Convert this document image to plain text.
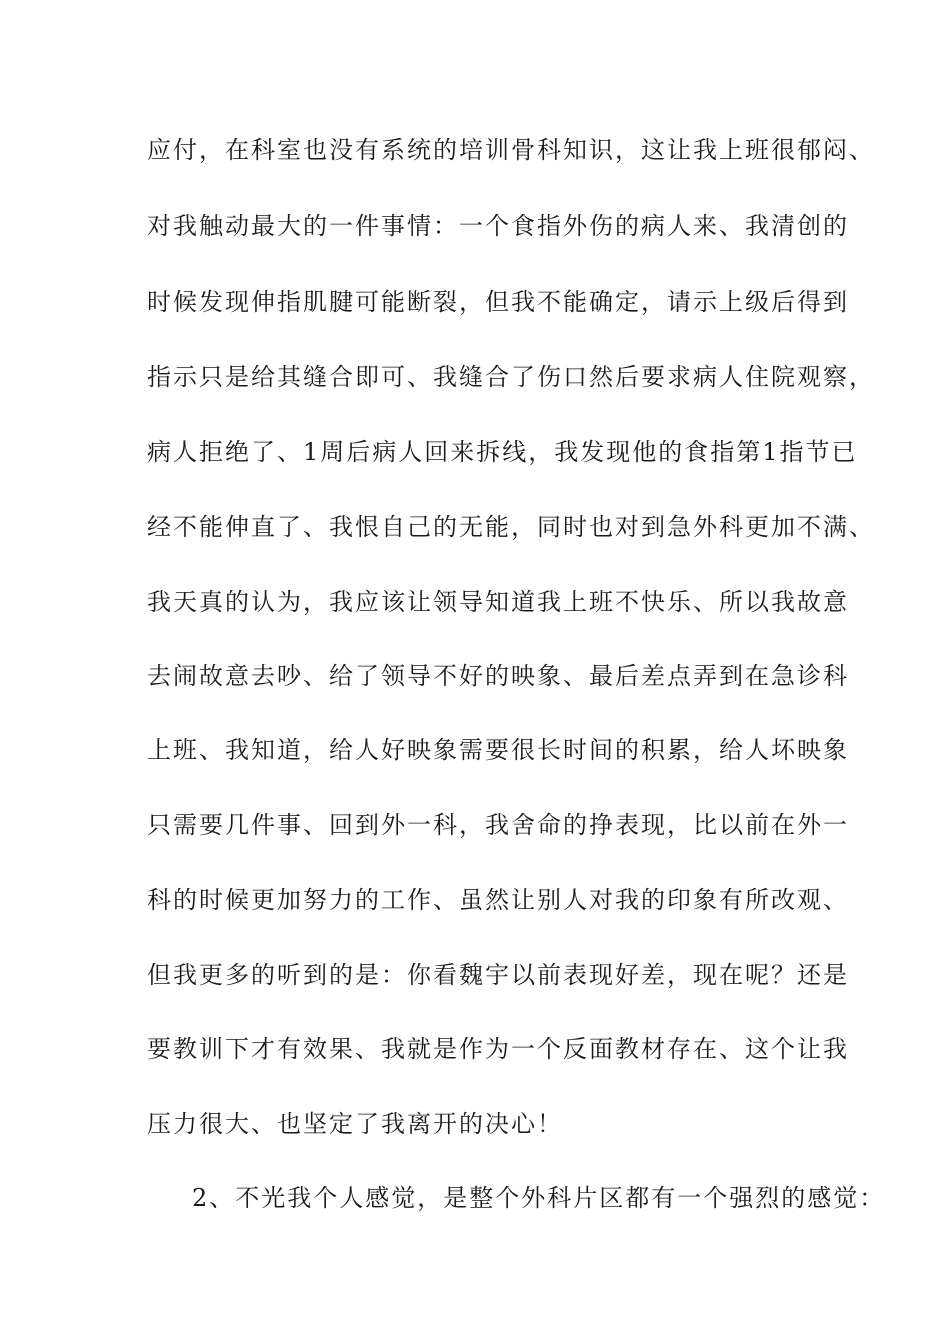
应付，在科室也没有系统的培训骨科知识，这让我上班很郁闷、
对我触动最大的一件事情：一个食指外伤的病人来、我清创的
时候发现伸指肌腱可能断裂，但我不能确定，请示上级后得到
指示只是给其缝合即可、我缝合了伤口然后要求病人住院观察，
病人拒绝了、1周后病人回来拆线，我发现他的食指第1指节已
经不能伸直了、我恨自己的无能，同时也对到急外科更加不满、
我天真的认为，我应该让领导知道我上班不快乐、所以我故意
去闹故意去吵、给了领导不好的映象、最后差点弄到在急诊科
上班、我知道，给人好映象需要很长时间的积累，给人坏映象
只需要几件事、回到外一科，我舍命的挣表现，比以前在外一
科的时候更加努力的工作、虽然让别人对我的印象有所改观、
但我更多的听到的是：你看魏宇以前表现好差，现在呢？还是
要教训下才有效果、我就是作为一个反面教材存在、这个让我
压力很大、也坚定了我离开的决心！
2、不光我个人感觉，是整个外科片区都有一个强烈的感觉：
